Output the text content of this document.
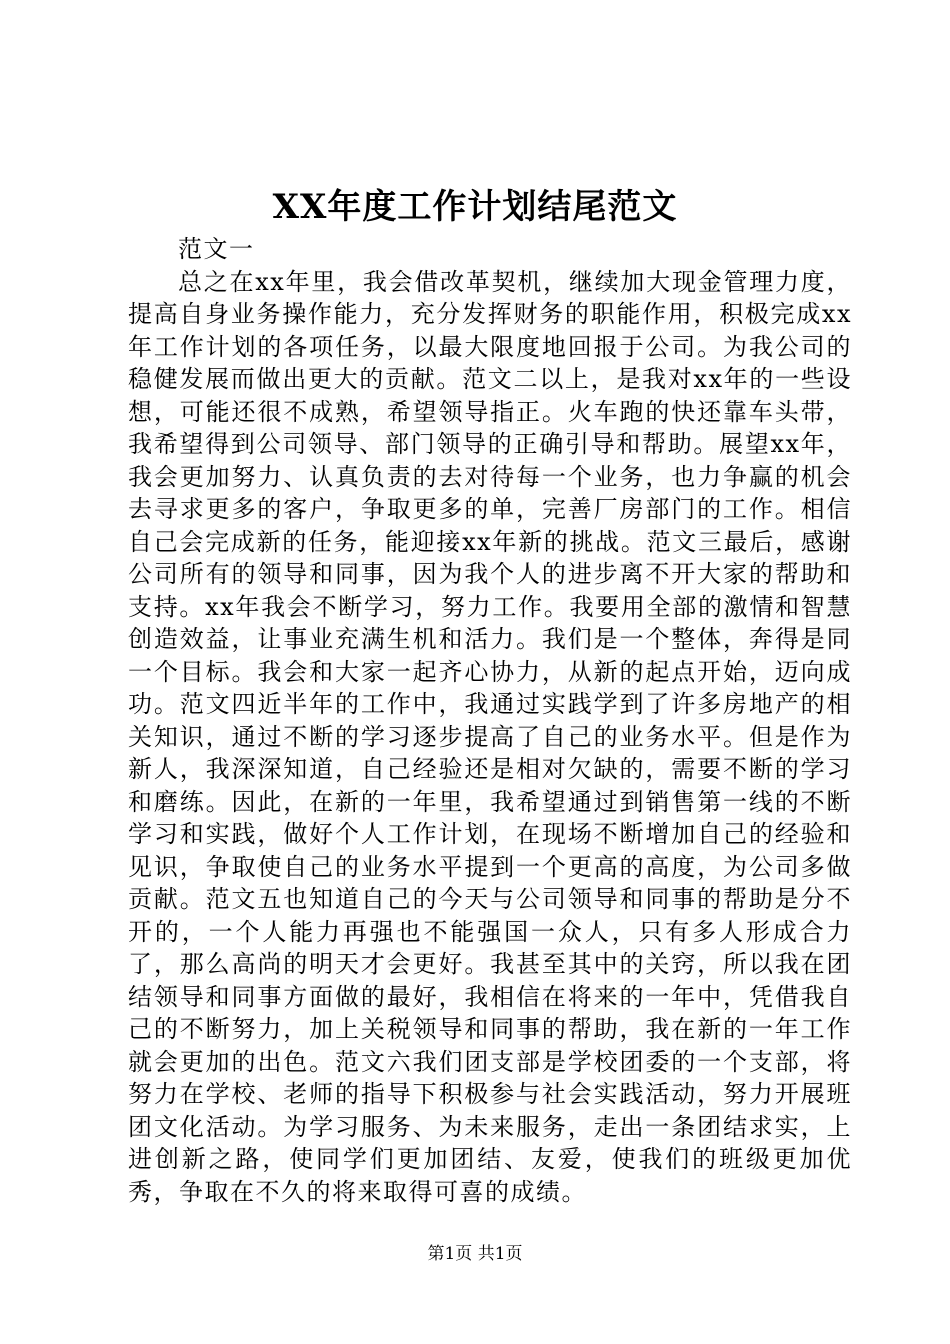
XX年度工作计划结尾范文

范文一

总之在xx年里，我会借改革契机，继续加大现金管理力度，提高自身业务操作能力，充分发挥财务的职能作用，积极完成xx年工作计划的各项任务，以最大限度地回报于公司。为我公司的稳健发展而做出更大的贡献。范文二以上，是我对xx年的一些设想，可能还很不成熟，希望领导指正。火车跑的快还靠车头带，我希望得到公司领导、部门领导的正确引导和帮助。展望xx年，我会更加努力、认真负责的去对待每一个业务，也力争赢的机会去寻求更多的客户，争取更多的单，完善厂房部门的工作。相信自己会完成新的任务，能迎接xx年新的挑战。范文三最后，感谢公司所有的领导和同事，因为我个人的进步离不开大家的帮助和支持。xx年我会不断学习，努力工作。我要用全部的激情和智慧创造效益，让事业充满生机和活力。我们是一个整体，奔得是同一个目标。我会和大家一起齐心协力，从新的起点开始，迈向成功。范文四近半年的工作中，我通过实践学到了许多房地产的相关知识，通过不断的学习逐步提高了自己的业务水平。但是作为新人，我深深知道，自己经验还是相对欠缺的，需要不断的学习和磨练。因此，在新的一年里，我希望通过到销售第一线的不断学习和实践，做好个人工作计划，在现场不断增加自己的经验和见识，争取使自己的业务水平提到一个更高的高度，为公司多做贡献。范文五也知道自己的今天与公司领导和同事的帮助是分不开的，一个人能力再强也不能强国一众人，只有多人形成合力了，那么高尚的明天才会更好。我甚至其中的关窍，所以我在团结领导和同事方面做的最好，我相信在将来的一年中，凭借我自己的不断努力，加上关税领导和同事的帮助，我在新的一年工作就会更加的出色。范文六我们团支部是学校团委的一个支部，将努力在学校、老师的指导下积极参与社会实践活动，努力开展班团文化活动。为学习服务、为未来服务，走出一条团结求实，上进创新之路，使同学们更加团结、友爱，使我们的班级更加优秀，争取在不久的将来取得可喜的成绩。

第1页 共1页
